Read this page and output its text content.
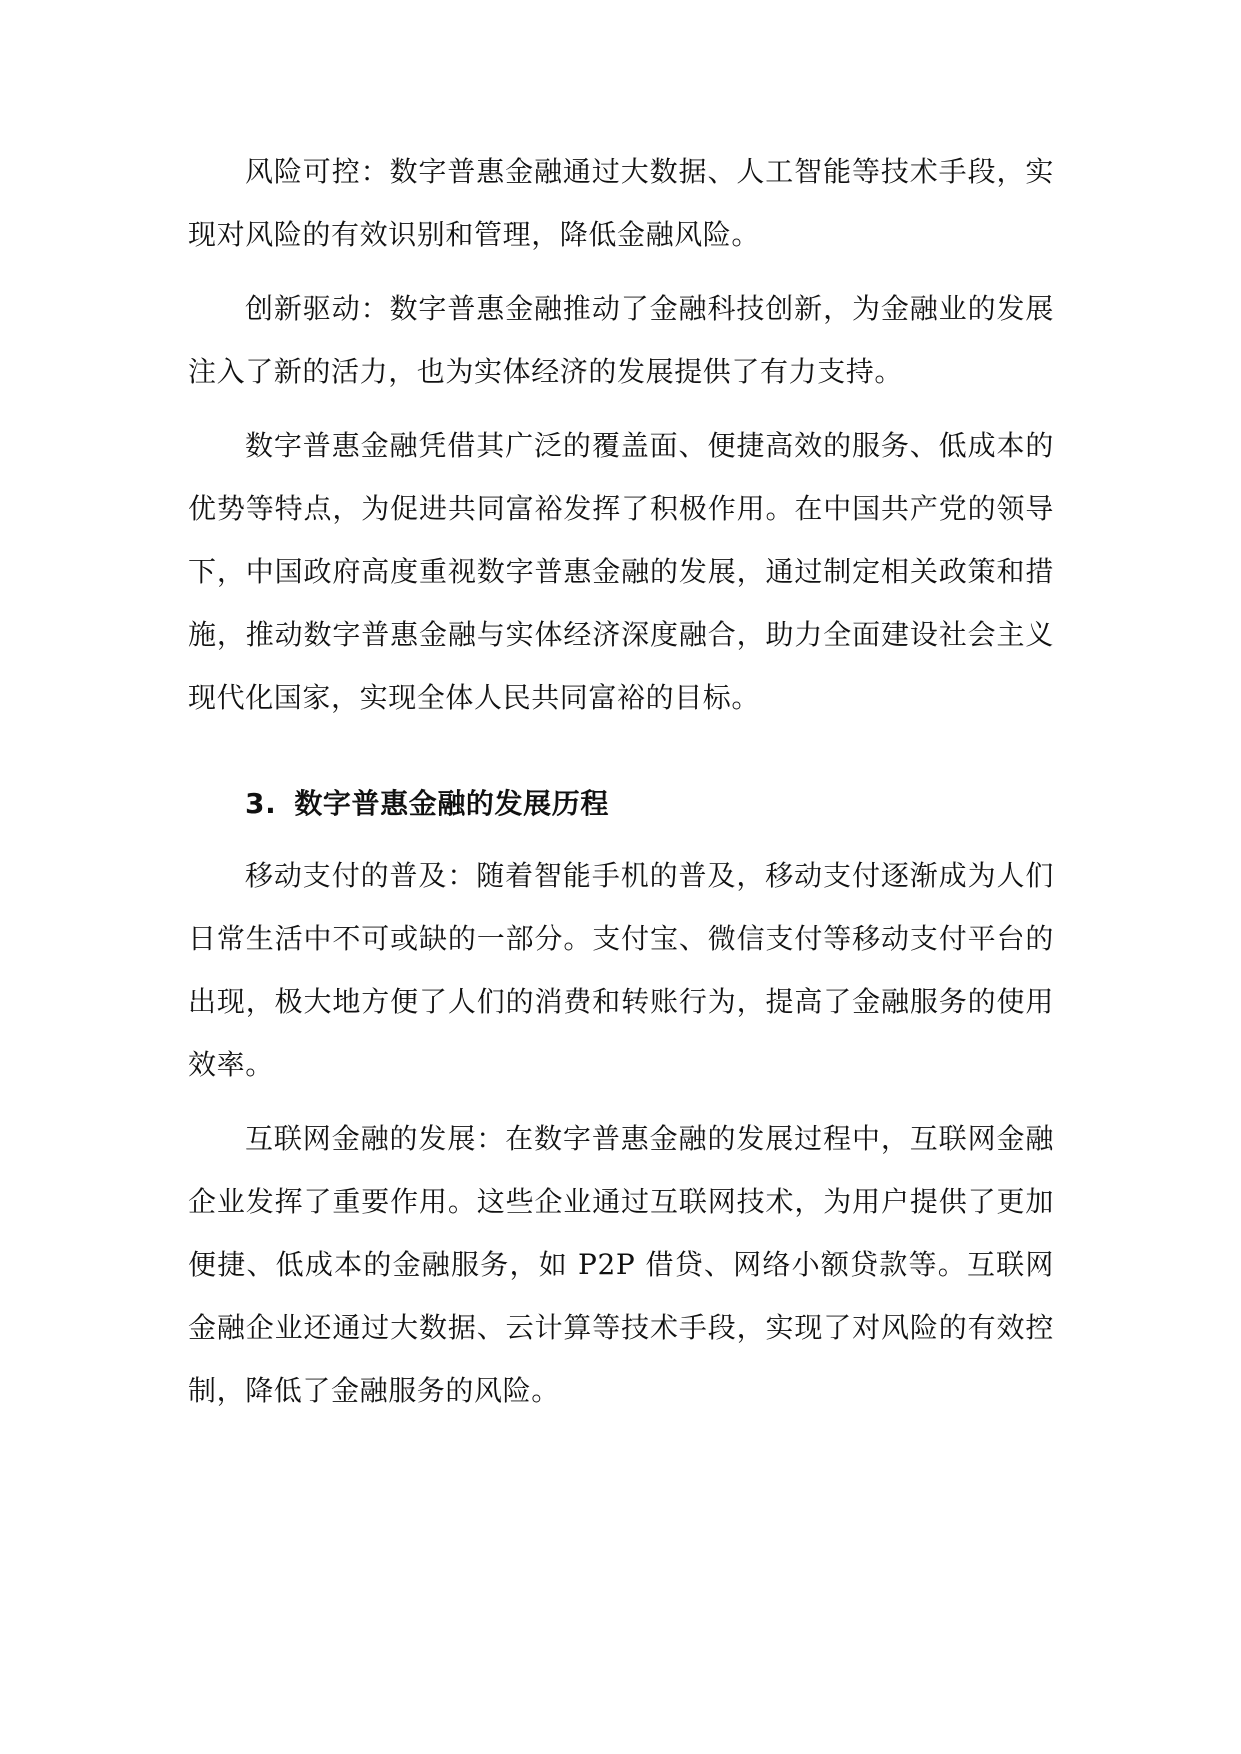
风险可控：数字普惠金融通过大数据、人工智能等技术手段，实现对风险的有效识别和管理，降低金融风险。

创新驱动：数字普惠金融推动了金融科技创新，为金融业的发展注入了新的活力，也为实体经济的发展提供了有力支持。

数字普惠金融凭借其广泛的覆盖面、便捷高效的服务、低成本的优势等特点，为促进共同富裕发挥了积极作用。在中国共产党的领导下，中国政府高度重视数字普惠金融的发展，通过制定相关政策和措施，推动数字普惠金融与实体经济深度融合，助力全面建设社会主义现代化国家，实现全体人民共同富裕的目标。

3. 数字普惠金融的发展历程

移动支付的普及：随着智能手机的普及，移动支付逐渐成为人们日常生活中不可或缺的一部分。支付宝、微信支付等移动支付平台的出现，极大地方便了人们的消费和转账行为，提高了金融服务的使用效率。

互联网金融的发展：在数字普惠金融的发展过程中，互联网金融企业发挥了重要作用。这些企业通过互联网技术，为用户提供了更加便捷、低成本的金融服务，如 P2P 借贷、网络小额贷款等。互联网金融企业还通过大数据、云计算等技术手段，实现了对风险的有效控制，降低了金融服务的风险。
